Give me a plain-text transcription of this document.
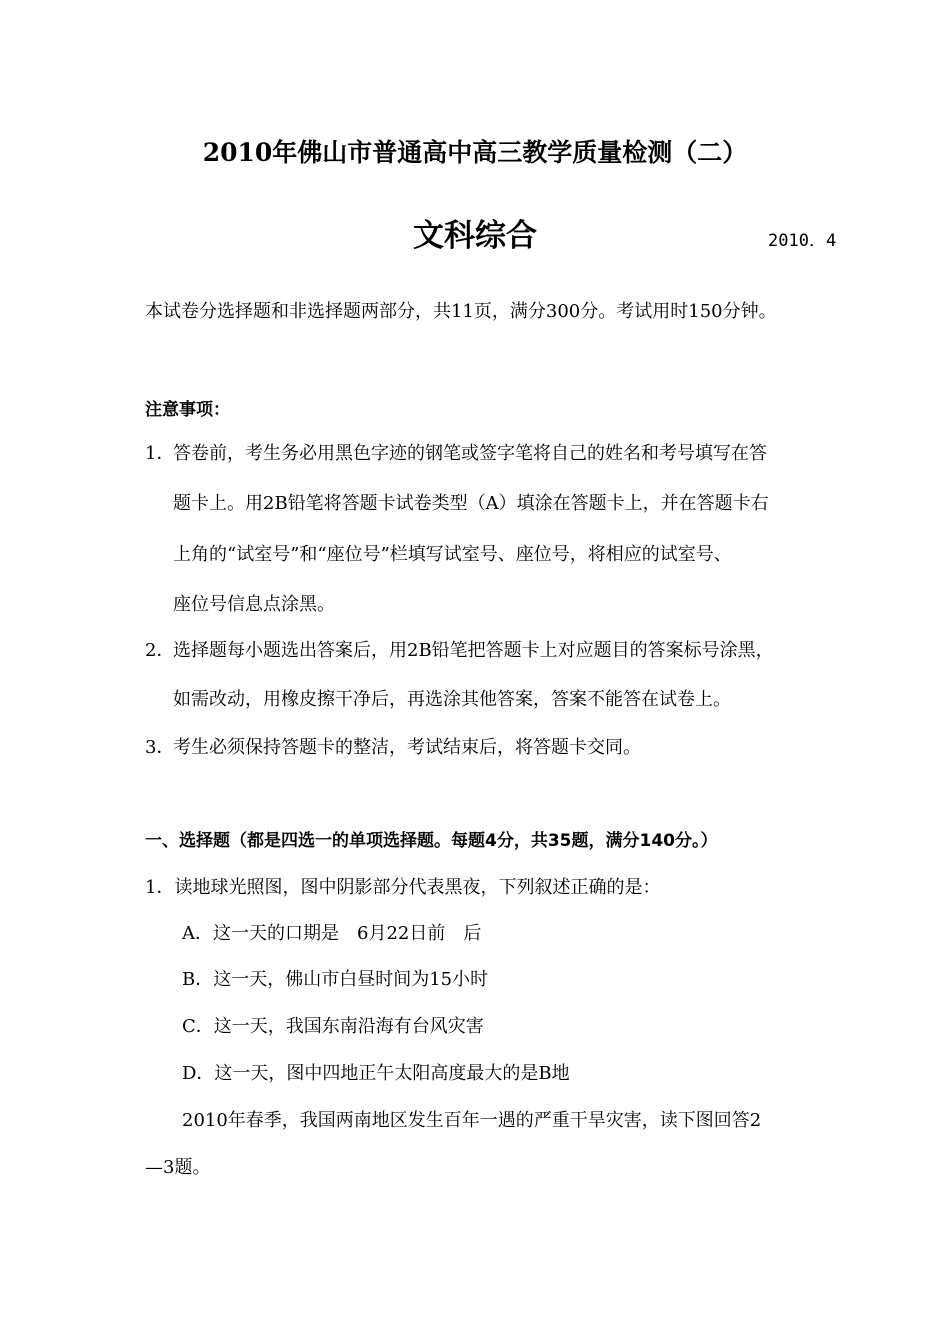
2010年佛山市普通高中高三教学质量检测（二）
文科综合	2010．4
本试卷分选择题和非选择题两部分，共11页，满分300分。考试用时150分钟。
注意事项：
1．答卷前，考生务必用黑色字迹的钢笔或签字笔将自己的姓名和考号填写在答
题卡上。用2B铅笔将答题卡试卷类型（A）填涂在答题卡上，并在答题卡右
上角的“试室号”和“座位号”栏填写试室号、座位号，将相应的试室号、
座位号信息点涂黑。
2．选择题每小题选出答案后，用2B铅笔把答题卡上对应题目的答案标号涂黑，
如需改动，用橡皮擦干净后，再选涂其他答案，答案不能答在试卷上。
3．考生必须保持答题卡的整洁，考试结束后，将答题卡交同。
一、选择题（都是四选一的单项选择题。每题4分，共35题，满分140分。）
1．读地球光照图，图中阴影部分代表黑夜，下列叙述正确的是：
A．这一天的口期是　6月22日前　后
B．这一天，佛山市白昼时间为15小时
C．这一天，我国东南沿海有台风灾害
D．这一天，图中四地正午太阳高度最大的是B地
2010年春季，我国两南地区发生百年一遇的严重干旱灾害，读下图回答2
—3题。
